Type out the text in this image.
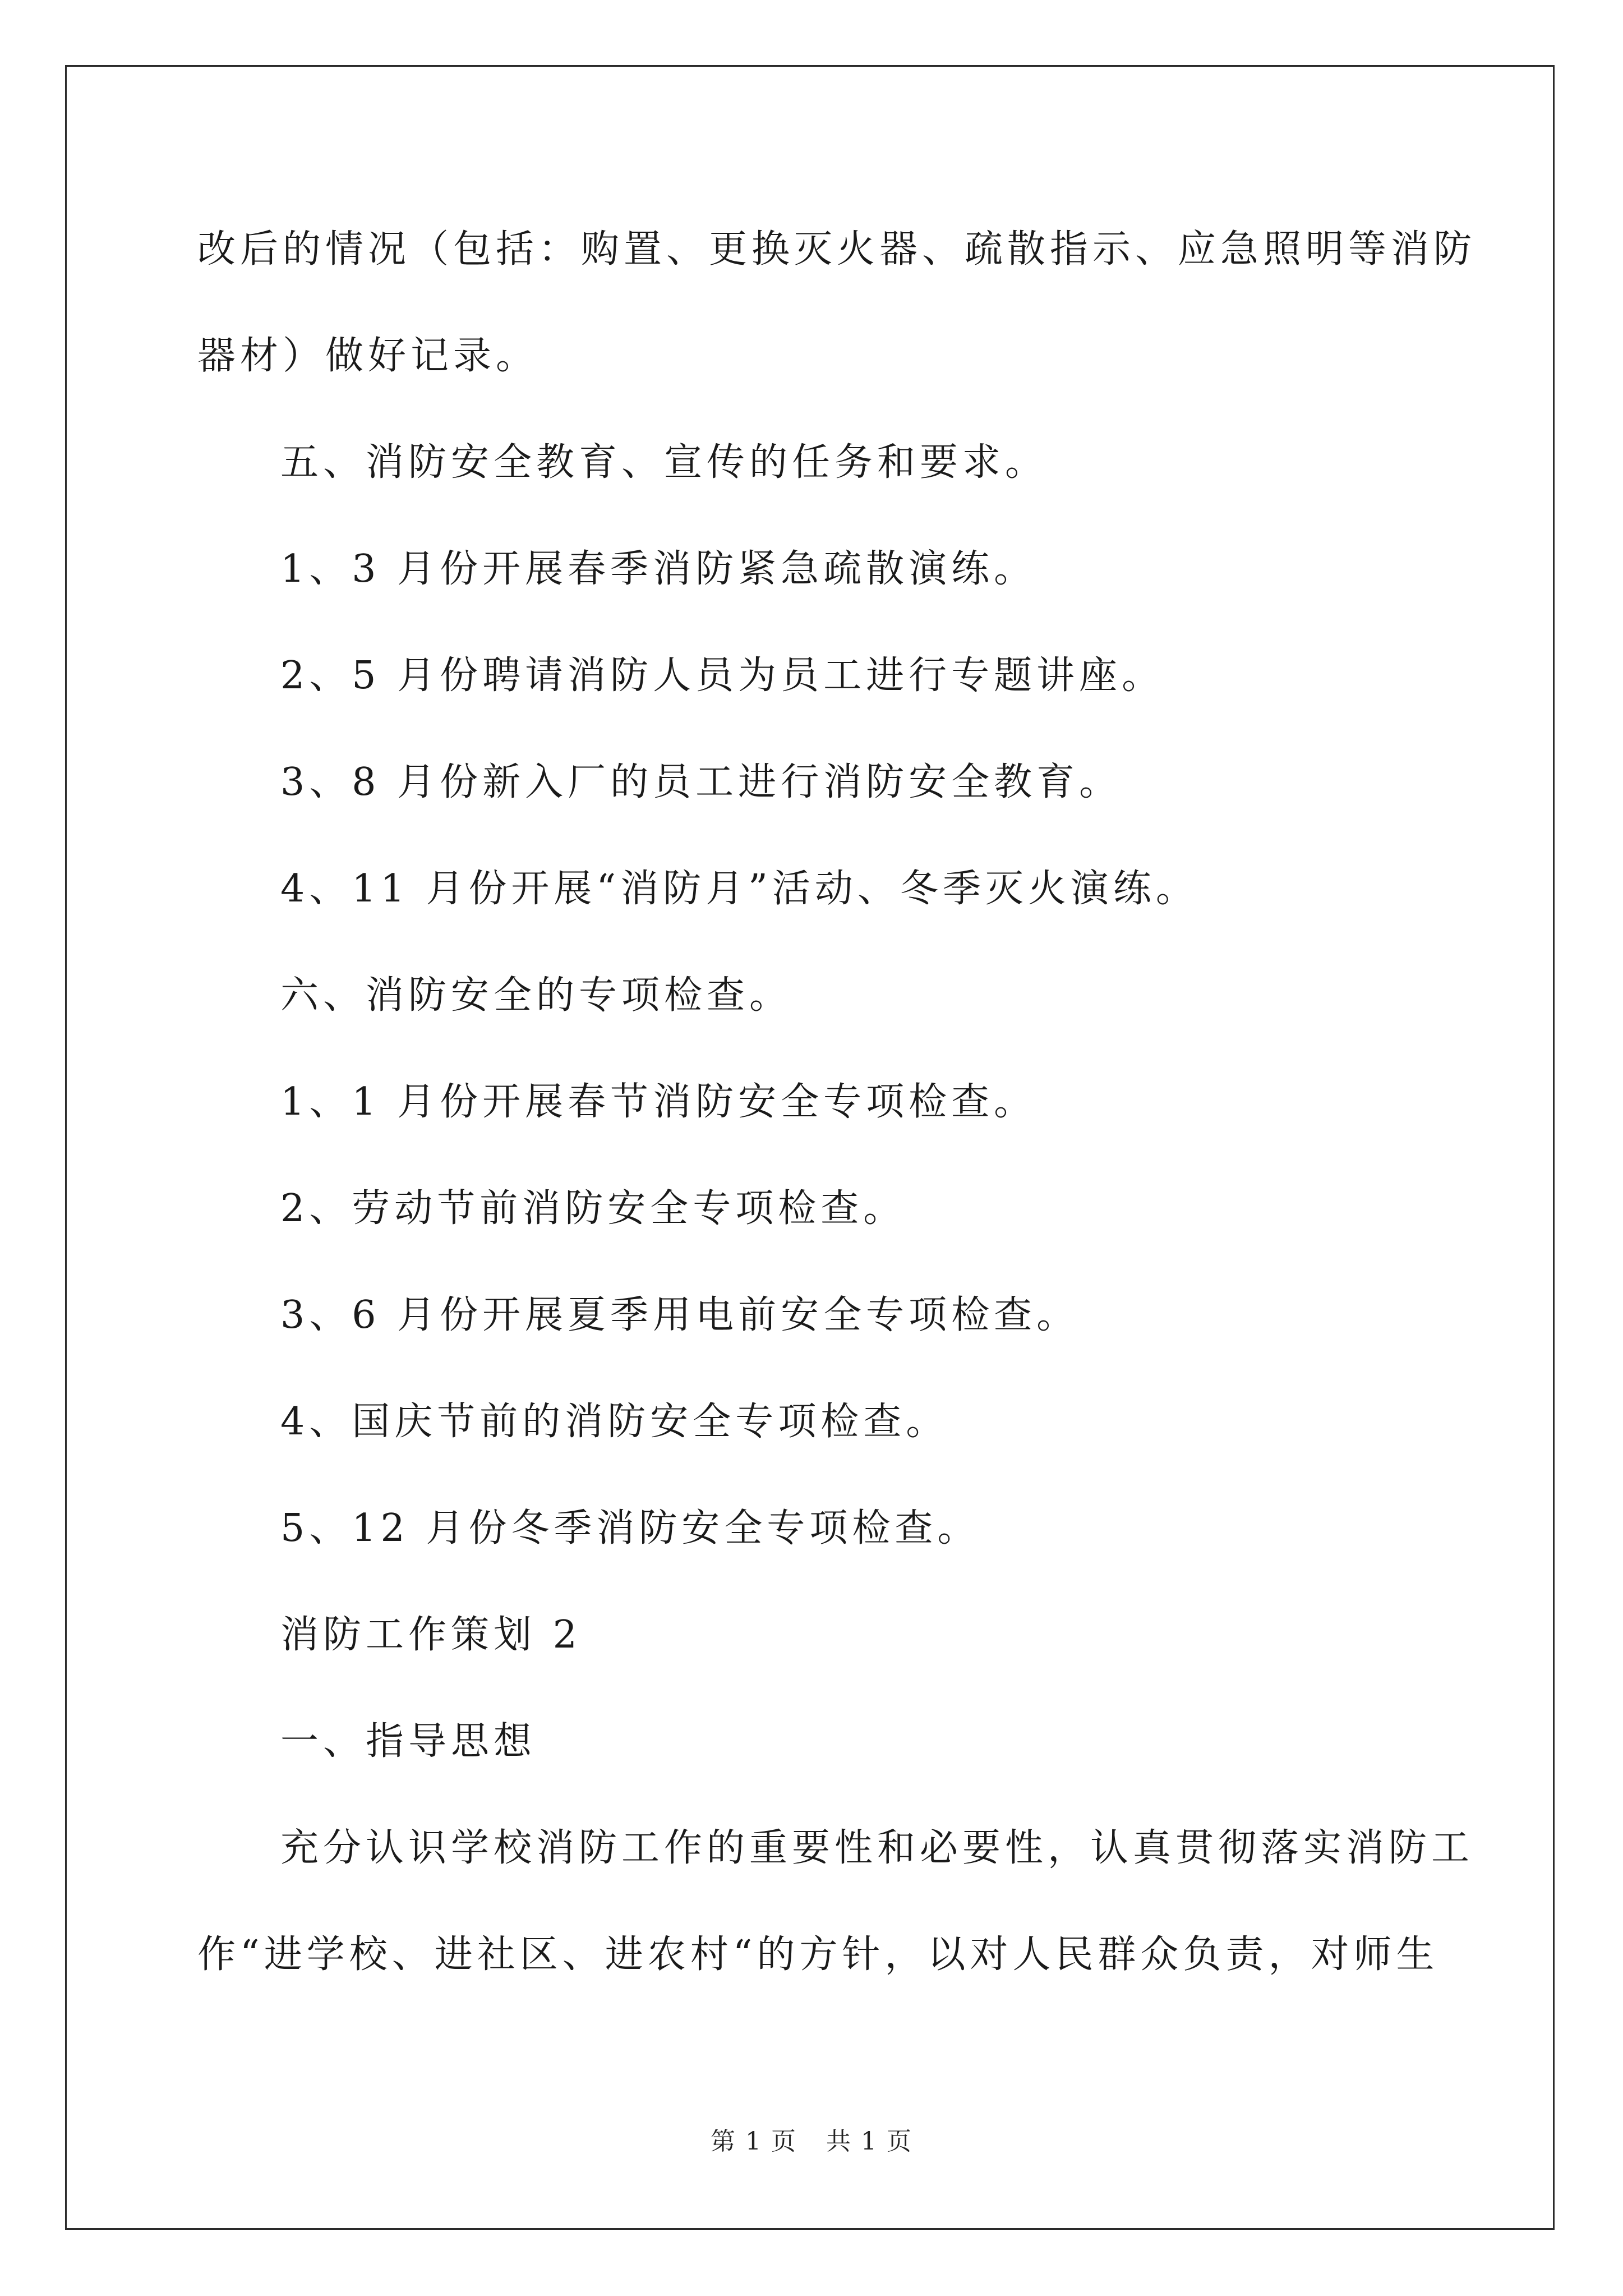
改后的情况（包括：购置、更换灭火器、疏散指示、应急照明等消防
器材）做好记录。
五、消防安全教育、宣传的任务和要求。
1、3 月份开展春季消防紧急疏散演练。
2、5 月份聘请消防人员为员工进行专题讲座。
3、8 月份新入厂的员工进行消防安全教育。
4、11 月份开展“消防月”活动、冬季灭火演练。
六、消防安全的专项检查。
1、1 月份开展春节消防安全专项检查。
2、劳动节前消防安全专项检查。
3、6 月份开展夏季用电前安全专项检查。
4、国庆节前的消防安全专项检查。
5、12 月份冬季消防安全专项检查。
消防工作策划 2
一、指导思想
充分认识学校消防工作的重要性和必要性，认真贯彻落实消防工
作“进学校、进社区、进农村“的方针，以对人民群众负责，对师生
第 1 页 共 1 页
